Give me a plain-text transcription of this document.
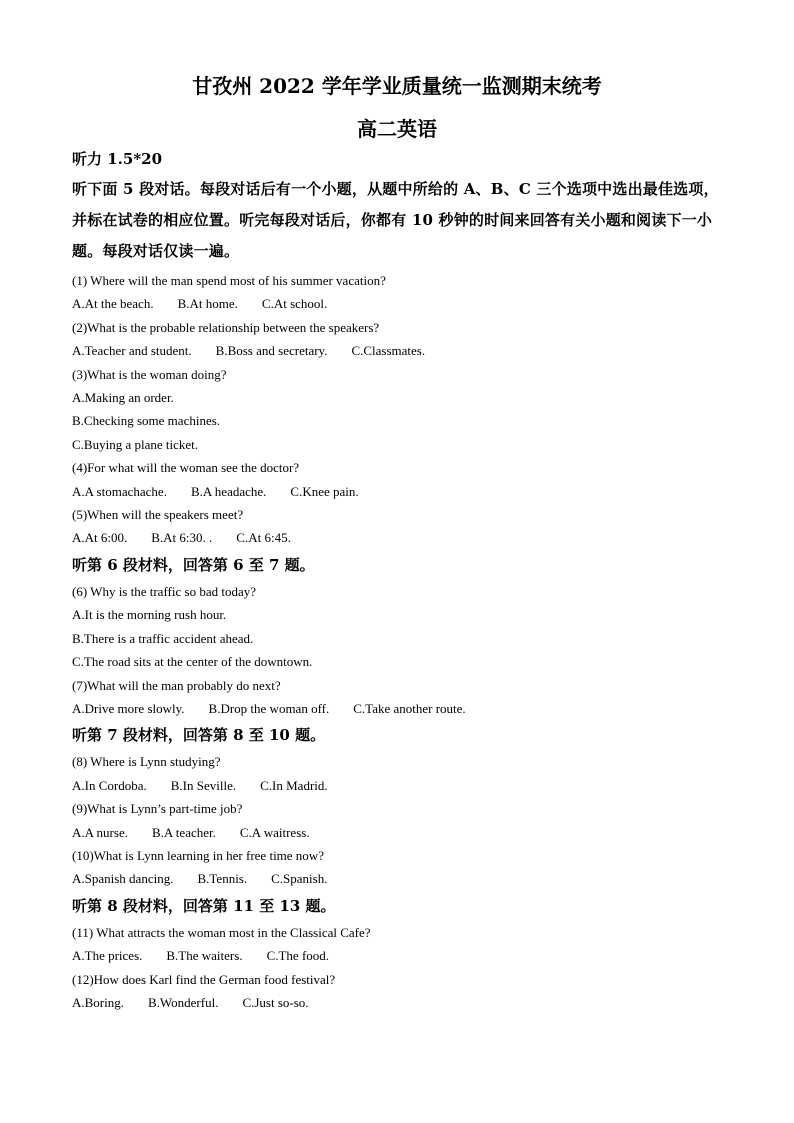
甘孜州 2022 学年学业质量统一监测期末统考
高二英语

听力 1.5*20

听下面 5 段对话。每段对话后有一个小题，从题中所给的 A、B、C 三个选项中选出最佳选项，并标在试卷的相应位置。听完每段对话后，你都有 10 秒钟的时间来回答有关小题和阅读下一小题。每段对话仅读一遍。

(1) Where will the man spend most of his summer vacation?

A.At the beach. B.At home. C.At school.

(2)What is the probable relationship between the speakers?

A.Teacher and student. B.Boss and secretary. C.Classmates.

(3)What is the woman doing?

A.Making an order.

B.Checking some machines.

C.Buying a plane ticket.

(4)For what will the woman see the doctor?

A.A stomachache. B.A headache. C.Knee pain.

(5)When will the speakers meet?

A.At 6:00. B.At 6:30. . C.At 6:45.

听第 6 段材料，回答第 6 至 7 题。

(6) Why is the traffic so bad today?

A.It is the morning rush hour.

B.There is a traffic accident ahead.

C.The road sits at the center of the downtown.

(7)What will the man probably do next?

A.Drive more slowly. B.Drop the woman off. C.Take another route.

听第 7 段材料，回答第 8 至 10 题。

(8) Where is Lynn studying?

A.In Cordoba. B.In Seville. C.In Madrid.

(9)What is Lynn’s part-time job?

A.A nurse. B.A teacher. C.A waitress.

(10)What is Lynn learning in her free time now?

A.Spanish dancing. B.Tennis. C.Spanish.

听第 8 段材料，回答第 11 至 13 题。

(11) What attracts the woman most in the Classical Cafe?

A.The prices. B.The waiters. C.The food.

(12)How does Karl find the German food festival?

A.Boring. B.Wonderful. C.Just so-so.
